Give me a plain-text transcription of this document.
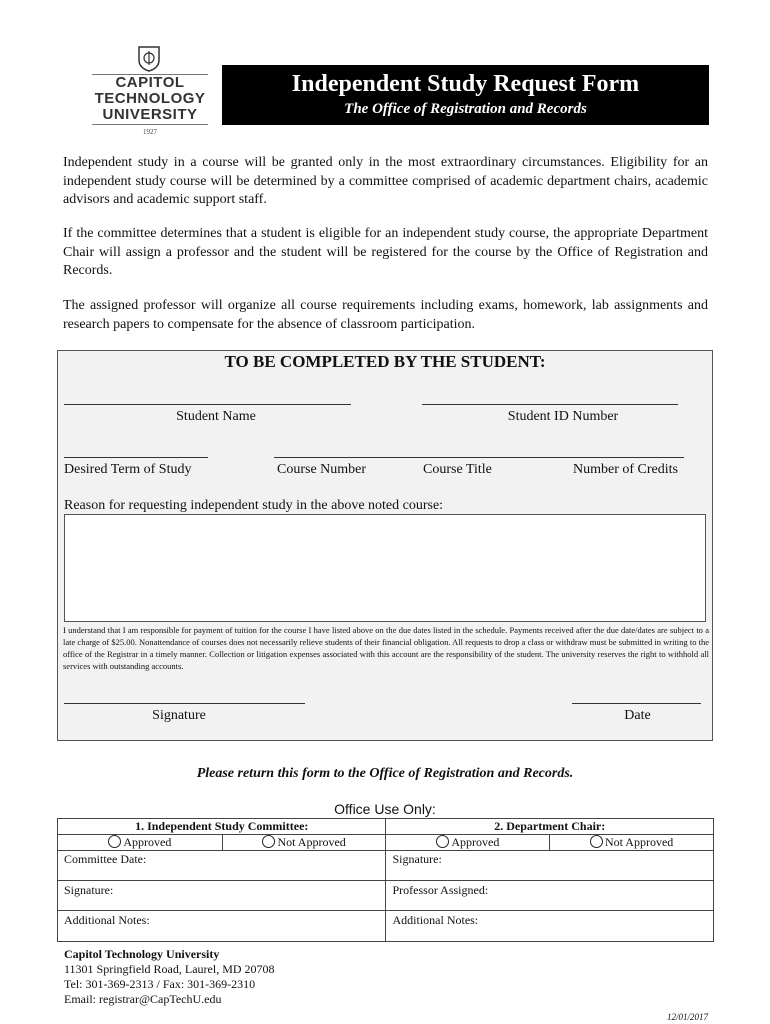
CAPITOL
TECHNOLOGY
UNIVERSITY
1927
Independent Study Request Form
The Office of Registration and Records
Independent study in a course will be granted only in the most extraordinary circumstances. Eligibility for an independent study course will be determined by a committee comprised of academic department chairs, academic advisors and academic support staff.
If the committee determines that a student is eligible for an independent study course, the appropriate Department Chair will assign a professor and the student will be registered for the course by the Office of Registration and Records.
The assigned professor will organize all course requirements including exams, homework, lab assignments and research papers to compensate for the absence of classroom participation.
TO BE COMPLETED BY THE STUDENT:
Student Name	Student ID Number
Desired Term of Study	Course Number	Course Title	Number of Credits
Reason for requesting independent study in the above noted course:
I understand that I am responsible for payment of tuition for the course I have listed above on the due dates listed in the schedule. Payments received after the due date/dates are subject to a late charge of $25.00. Nonattendance of courses does not necessarily relieve students of their financial obligation. All requests to drop a class or withdraw must be submitted in writing to the office of the Registrar in a timely manner. Collection or litigation expenses associated with this account are the responsibility of the student. The university reserves the right to withhold all services with outstanding accounts.
Signature	Date
Please return this form to the Office of Registration and Records.
Office Use Only:
1. Independent Study Committee:		2. Department Chair:	
Approved	Not Approved	Approved	Not Approved
Committee Date:		Signature:	
Signature:		Professor Assigned:	
Additional Notes:		Additional Notes:	
Capitol Technology University
11301 Springfield Road, Laurel, MD 20708
Tel: 301-369-2313 / Fax: 301-369-2310
Email: registrar@CapTechU.edu
12/01/2017
